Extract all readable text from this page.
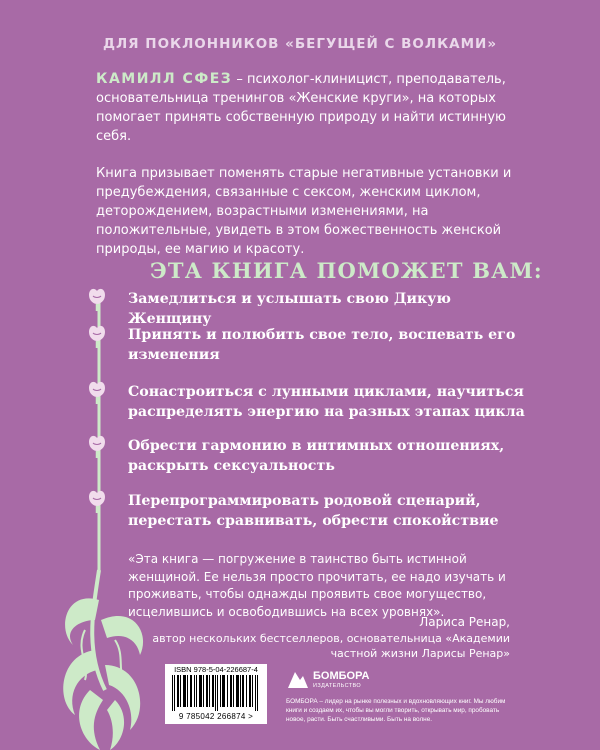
ДЛЯ ПОКЛОННИКОВ «БЕГУЩЕЙ С ВОЛКАМИ»
КАМИЛЛ СФЕЗ – психолог-клиницист, преподаватель, основательница тренингов «Женские круги», на которых помогает принять собственную природу и найти истинную себя.
Книга призывает поменять старые негативные установки и предубеждения, связанные с сексом, женским циклом, деторождением, возрастными изменениями, на положительные, увидеть в этом божественность женской природы, ее магию и красоту.
ЭТА КНИГА ПОМОЖЕТ ВАМ:
Замедлиться и услышать свою Дикую Женщину
Принять и полюбить свое тело, воспевать его изменения
Сонастроиться с лунными циклами, научиться распределять энергию на разных этапах цикла
Обрести гармонию в интимных отношениях, раскрыть сексуальность
Перепрограммировать родовой сценарий, перестать сравнивать, обрести спокойствие
«Эта книга — погружение в таинство быть истинной женщиной. Ее нельзя просто прочитать, ее надо изучать и проживать, чтобы однажды проявить свое могущество, исцелившись и освободившись на всех уровнях».
Лариса Ренар,
автор нескольких бестселлеров, основательница «Академии частной жизни Ларисы Ренар»
ISBN 978-5-04-226687-4
9 785042 266874 >
БОМБОРА
ИЗДАТЕЛЬСТВО
БОМБОРА – лидер на рынке полезных и вдохновляющих книг. Мы любим книги и создаем их, чтобы вы могли творить, открывать мир, пробовать новое, расти. Быть счастливыми. Быть на волне.
